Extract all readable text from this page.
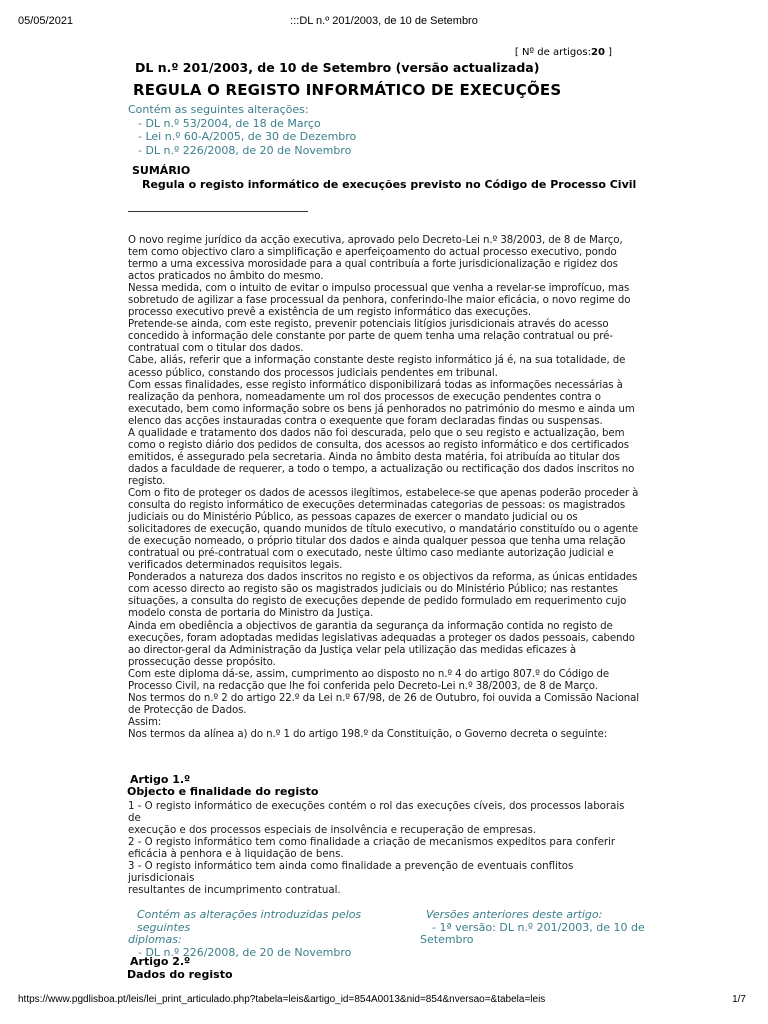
05/05/2021	:::DL n.º 201/2003, de 10 de Setembro
[ Nº de artigos:20 ]
DL n.º 201/2003, de 10 de Setembro (versão actualizada)
REGULA O REGISTO INFORMÁTICO DE EXECUÇÕES
Contém as seguintes alterações:
- DL n.º 53/2004, de 18 de Março
- Lei n.º 60-A/2005, de 30 de Dezembro
- DL n.º 226/2008, de 20 de Novembro
SUMÁRIO
Regula o registo informático de execuções previsto no Código de Processo Civil

O novo regime jurídico da acção executiva, aprovado pelo Decreto-Lei n.º 38/2003, de 8 de Março,

tem como objectivo claro a simplificação e aperfeiçoamento do actual processo executivo, pondo

termo a uma excessiva morosidade para a qual contribuía a forte jurisdicionalização e rigidez dos

actos praticados no âmbito do mesmo.

Nessa medida, com o intuito de evitar o impulso processual que venha a revelar-se improfícuo, mas

sobretudo de agilizar a fase processual da penhora, conferindo-lhe maior eficácia, o novo regime do

processo executivo prevê a existência de um registo informático das execuções.

Pretende-se ainda, com este registo, prevenir potenciais litígios jurisdicionais através do acesso

concedido à informação dele constante por parte de quem tenha uma relação contratual ou pré-

contratual com o titular dos dados.

Cabe, aliás, referir que a informação constante deste registo informático já é, na sua totalidade, de

acesso público, constando dos processos judiciais pendentes em tribunal.

Com essas finalidades, esse registo informático disponibilizará todas as informações necessárias à

realização da penhora, nomeadamente um rol dos processos de execução pendentes contra o

executado, bem como informação sobre os bens já penhorados no património do mesmo e ainda um

elenco das acções instauradas contra o exequente que foram declaradas findas ou suspensas.

A qualidade e tratamento dos dados não foi descurada, pelo que o seu registo e actualização, bem

como o registo diário dos pedidos de consulta, dos acessos ao registo informático e dos certificados

emitidos, é assegurado pela secretaria. Ainda no âmbito desta matéria, foi atribuída ao titular dos

dados a faculdade de requerer, a todo o tempo, a actualização ou rectificação dos dados inscritos no

registo.

Com o fito de proteger os dados de acessos ilegítimos, estabelece-se que apenas poderão proceder à

consulta do registo informático de execuções determinadas categorias de pessoas: os magistrados

judiciais ou do Ministério Público, as pessoas capazes de exercer o mandato judicial ou os

solicitadores de execução, quando munidos de título executivo, o mandatário constituído ou o agente

de execução nomeado, o próprio titular dos dados e ainda qualquer pessoa que tenha uma relação

contratual ou pré-contratual com o executado, neste último caso mediante autorização judicial e

verificados determinados requisitos legais.

Ponderados a natureza dos dados inscritos no registo e os objectivos da reforma, as únicas entidades

com acesso directo ao registo são os magistrados judiciais ou do Ministério Público; nas restantes

situações, a consulta do registo de execuções depende de pedido formulado em requerimento cujo

modelo consta de portaria do Ministro da Justiça.

Ainda em obediência a objectivos de garantia da segurança da informação contida no registo de

execuções, foram adoptadas medidas legislativas adequadas a proteger os dados pessoais, cabendo

ao director-geral da Administração da Justiça velar pela utilização das medidas eficazes à

prossecução desse propósito.

Com este diploma dá-se, assim, cumprimento ao disposto no n.º 4 do artigo 807.º do Código de

Processo Civil, na redacção que lhe foi conferida pelo Decreto-Lei n.º 38/2003, de 8 de Março.

Nos termos do n.º 2 do artigo 22.º da Lei n.º 67/98, de 26 de Outubro, foi ouvida a Comissão Nacional

de Protecção de Dados.

Assim:

Nos termos da alínea a) do n.º 1 do artigo 198.º da Constituição, o Governo decreta o seguinte:

Artigo 1.º
Objecto e finalidade do registo

1 - O registo informático de execuções contém o rol das execuções cíveis, dos processos laborais de

execução e dos processos especiais de insolvência e recuperação de empresas.

2 - O registo informático tem como finalidade a criação de mecanismos expeditos para conferir

eficácia à penhora e à liquidação de bens.

3 - O registo informático tem ainda como finalidade a prevenção de eventuais conflitos jurisdicionais

resultantes de incumprimento contratual.

Contém as alterações introduzidas pelos seguintes
diplomas:
- DL n.º 226/2008, de 20 de Novembro
Versões anteriores deste artigo:
- 1ª versão: DL n.º 201/2003, de 10 de
Setembro
Artigo 2.º
Dados do registo
https://www.pgdlisboa.pt/leis/lei_print_articulado.php?tabela=leis&artigo_id=854A0013&nid=854&nversao=&tabela=leis	1/7
